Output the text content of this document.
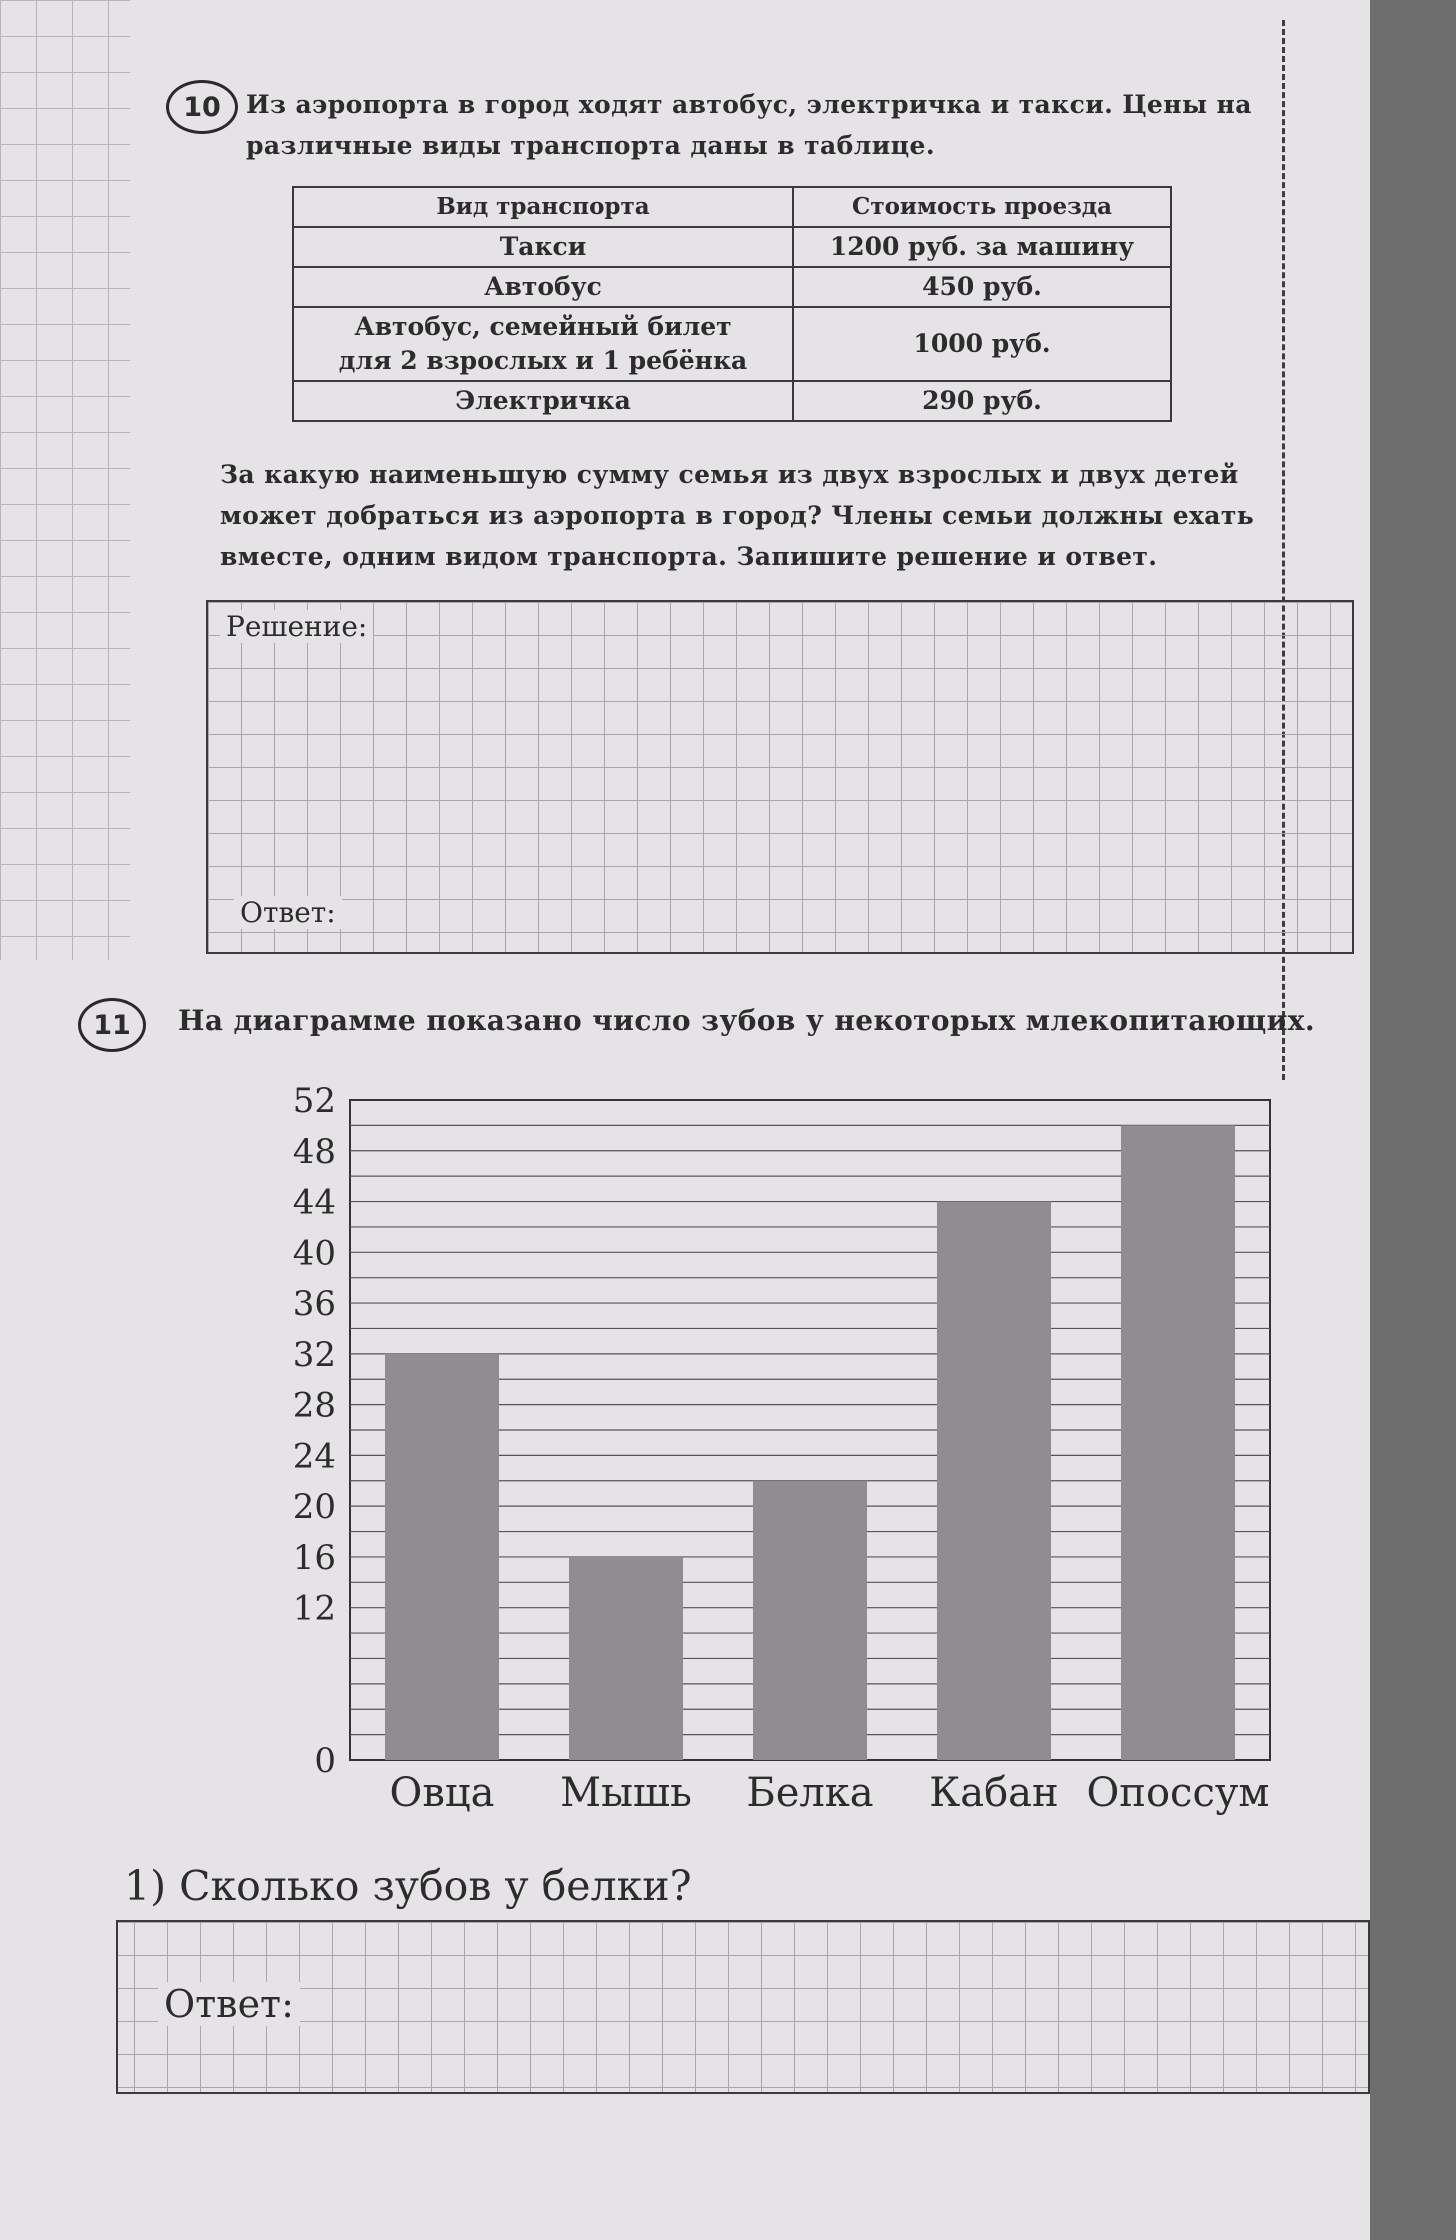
10	Из аэропорта в город ходят автобус, электричка и такси. Цены на
различные виды транспорта даны в таблице.
Вид транспорта	Стоимость проезда
Такси	1200 руб. за машину
Автобус	450 руб.

Автобус, семейный билет
для 2 взрослых и 1 ребёнка	1000 руб.
Электричка	290 руб.
За какую наименьшую сумму семья из двух взрослых и двух детей
может добраться из аэропорта в город? Члены семьи должны ехать
вместе, одним видом транспорта. Запишите решение и ответ.
Решение:
Ответ:
11	На диаграмме показано число зубов у некоторых млекопитающих.
0
12
16
20
24
28
32
36
40
44
48
52
Овца Мышь Белка Кабан Опоссум
1) Сколько зубов у белки?
Ответ:
